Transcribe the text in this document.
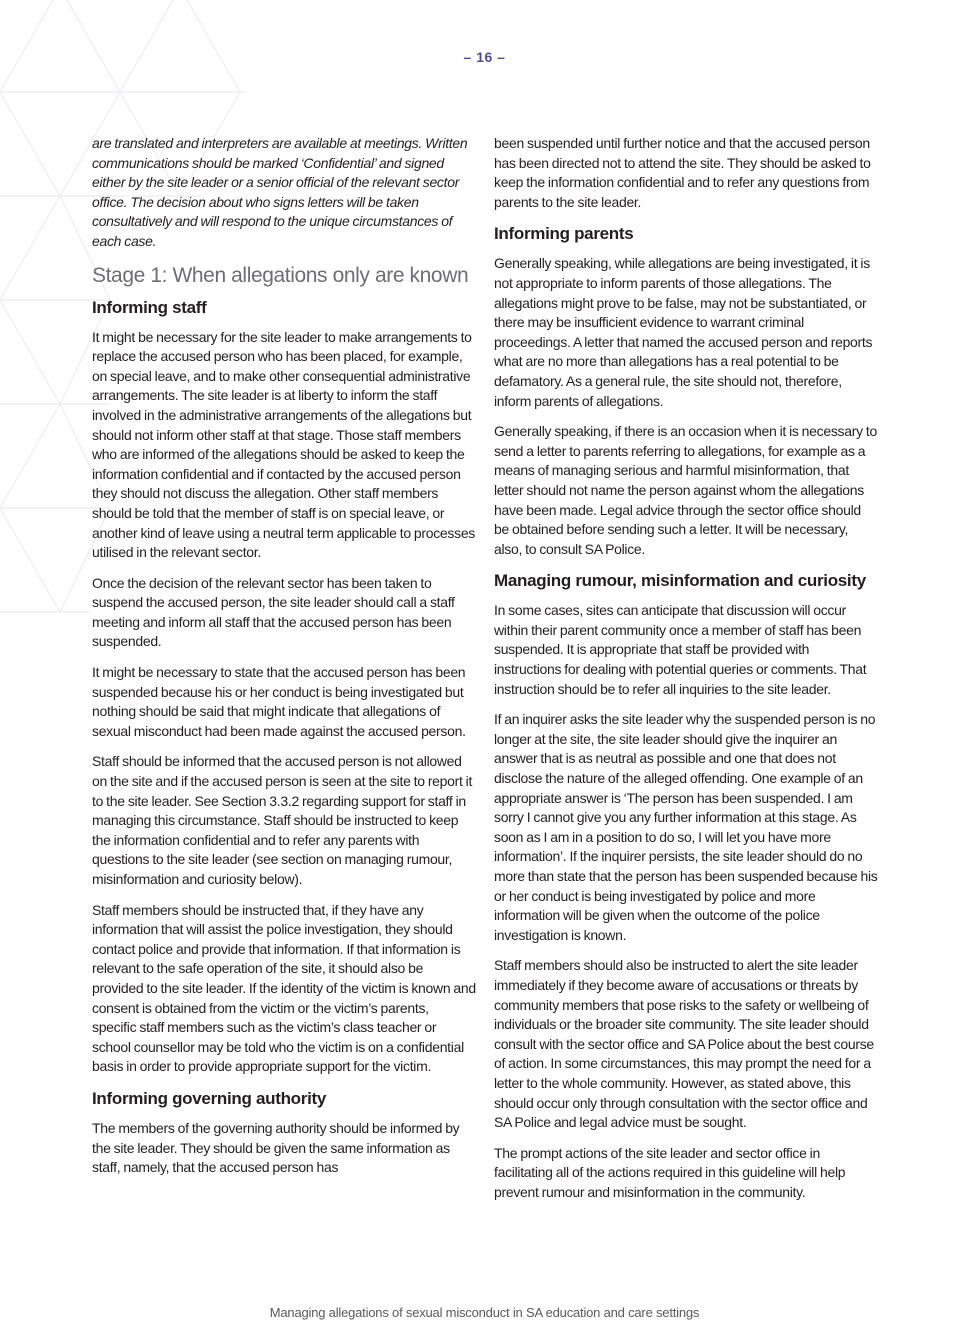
– 16 –

are translated and interpreters are available at meetings. Written communications should be marked ‘Confidential’ and signed either by the site leader or a senior official of the relevant sector office. The decision about who signs letters will be taken consultatively and will respond to the unique circumstances of each case.

Stage 1: When allegations only are known
Informing staff

It might be necessary for the site leader to make arrangements to replace the accused person who has been placed, for example, on special leave, and to make other consequential administrative arrangements. The site leader is at liberty to inform the staff involved in the administrative arrangements of the allegations but should not inform other staff at that stage. Those staff members who are informed of the allegations should be asked to keep the information confidential and if contacted by the accused person they should not discuss the allegation. Other staff members should be told that the member of staff is on special leave, or another kind of leave using a neutral term applicable to processes utilised in the relevant sector.

Once the decision of the relevant sector has been taken to suspend the accused person, the site leader should call a staff meeting and inform all staff that the accused person has been suspended.

It might be necessary to state that the accused person has been suspended because his or her conduct is being investigated but nothing should be said that might indicate that allegations of sexual misconduct had been made against the accused person.

Staff should be informed that the accused person is not allowed on the site and if the accused person is seen at the site to report it to the site leader. See Section 3.3.2 regarding support for staff in managing this circumstance. Staff should be instructed to keep the information confidential and to refer any parents with questions to the site leader (see section on managing rumour, misinformation and curiosity below).

Staff members should be instructed that, if they have any information that will assist the police investigation, they should contact police and provide that information. If that information is relevant to the safe operation of the site, it should also be provided to the site leader. If the identity of the victim is known and consent is obtained from the victim or the victim’s parents, specific staff members such as the victim’s class teacher or school counsellor may be told who the victim is on a confidential basis in order to provide appropriate support for the victim.

Informing governing authority

The members of the governing authority should be informed by the site leader. They should be given the same information as staff, namely, that the accused person has

been suspended until further notice and that the accused person has been directed not to attend the site. They should be asked to keep the information confidential and to refer any questions from parents to the site leader.

Informing parents

Generally speaking, while allegations are being investigated, it is not appropriate to inform parents of those allegations. The allegations might prove to be false, may not be substantiated, or there may be insufficient evidence to warrant criminal proceedings. A letter that named the accused person and reports what are no more than allegations has a real potential to be defamatory. As a general rule, the site should not, therefore, inform parents of allegations.

Generally speaking, if there is an occasion when it is necessary to send a letter to parents referring to allegations, for example as a means of managing serious and harmful misinformation, that letter should not name the person against whom the allegations have been made. Legal advice through the sector office should be obtained before sending such a letter. It will be necessary, also, to consult SA Police.

Managing rumour, misinformation and curiosity

In some cases, sites can anticipate that discussion will occur within their parent community once a member of staff has been suspended. It is appropriate that staff be provided with instructions for dealing with potential queries or comments. That instruction should be to refer all inquiries to the site leader.

If an inquirer asks the site leader why the suspended person is no longer at the site, the site leader should give the inquirer an answer that is as neutral as possible and one that does not disclose the nature of the alleged offending. One example of an appropriate answer is ‘The person has been suspended. I am sorry I cannot give you any further information at this stage. As soon as I am in a position to do so, I will let you have more information’. If the inquirer persists, the site leader should do no more than state that the person has been suspended because his or her conduct is being investigated by police and more information will be given when the outcome of the police investigation is known.

Staff members should also be instructed to alert the site leader immediately if they become aware of accusations or threats by community members that pose risks to the safety or wellbeing of individuals or the broader site community. The site leader should consult with the sector office and SA Police about the best course of action. In some circumstances, this may prompt the need for a letter to the whole community. However, as stated above, this should occur only through consultation with the sector office and SA Police and legal advice must be sought.

The prompt actions of the site leader and sector office in facilitating all of the actions required in this guideline will help prevent rumour and misinformation in the community.

Managing allegations of sexual misconduct in SA education and care settings
